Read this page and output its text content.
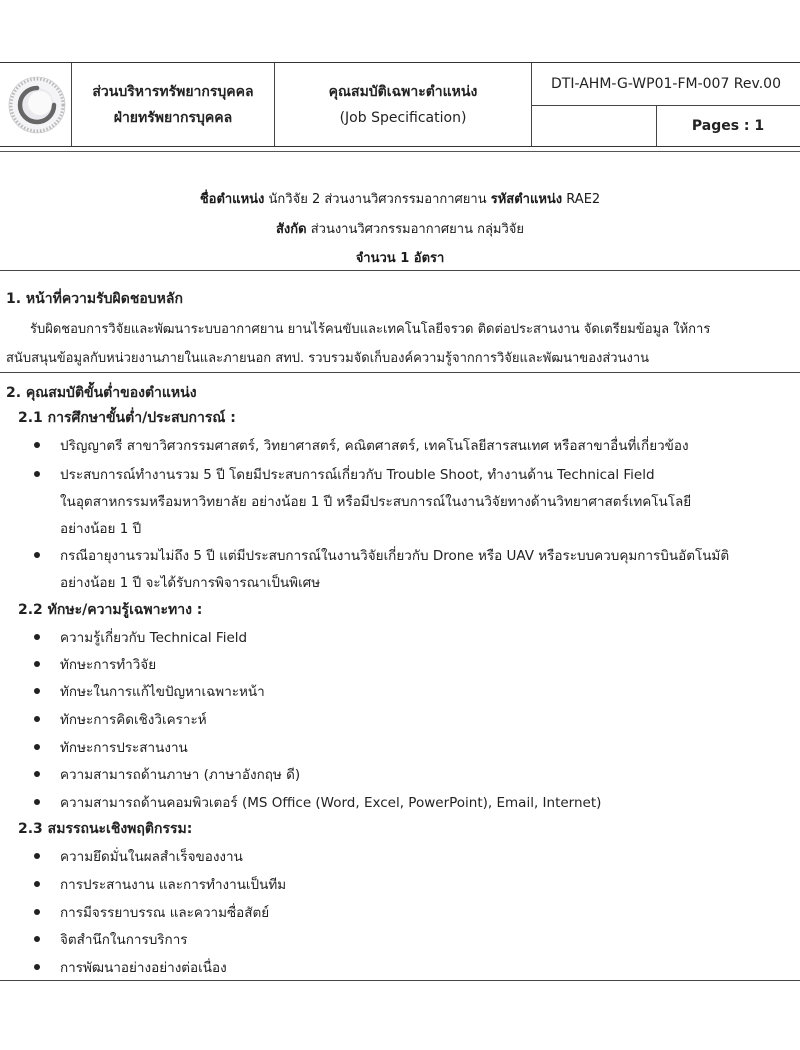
ส่วนบริหารทรัพยากรบุคคล
ฝ่ายทรัพยากรบุคคล
คุณสมบัติเฉพาะตำแหน่ง
(Job Specification)
DTI-AHM-G-WP01-FM-007 Rev.00
Pages : 1
ชื่อตำแหน่ง นักวิจัย 2 ส่วนงานวิศวกรรมอากาศยาน รหัสตำแหน่ง RAE2
สังกัด ส่วนงานวิศวกรรมอากาศยาน กลุ่มวิจัย
จำนวน 1 อัตรา
1. หน้าที่ความรับผิดชอบหลัก
รับผิดชอบการวิจัยและพัฒนาระบบอากาศยาน ยานไร้คนขับและเทคโนโลยีจรวด ติดต่อประสานงาน จัดเตรียมข้อมูล ให้การ
สนับสนุนข้อมูลกับหน่วยงานภายในและภายนอก สทป. รวบรวมจัดเก็บองค์ความรู้จากการวิจัยและพัฒนาของส่วนงาน
2. คุณสมบัติขั้นต่ำของตำแหน่ง
2.1 การศึกษาขั้นต่ำ/ประสบการณ์ :
ปริญญาตรี สาขาวิศวกรรมศาสตร์, วิทยาศาสตร์, คณิตศาสตร์, เทคโนโลยีสารสนเทศ หรือสาขาอื่นที่เกี่ยวข้อง
ประสบการณ์ทำงานรวม 5 ปี โดยมีประสบการณ์เกี่ยวกับ Trouble Shoot, ทำงานด้าน Technical Field
ในอุตสาหกรรมหรือมหาวิทยาลัย อย่างน้อย 1 ปี หรือมีประสบการณ์ในงานวิจัยทางด้านวิทยาศาสตร์เทคโนโลยี
อย่างน้อย 1 ปี
กรณีอายุงานรวมไม่ถึง 5 ปี แต่มีประสบการณ์ในงานวิจัยเกี่ยวกับ Drone หรือ UAV หรือระบบควบคุมการบินอัตโนมัติ
อย่างน้อย 1 ปี จะได้รับการพิจารณาเป็นพิเศษ
2.2 ทักษะ/ความรู้เฉพาะทาง :
ความรู้เกี่ยวกับ Technical Field
ทักษะการทำวิจัย
ทักษะในการแก้ไขปัญหาเฉพาะหน้า
ทักษะการคิดเชิงวิเคราะห์
ทักษะการประสานงาน
ความสามารถด้านภาษา (ภาษาอังกฤษ ดี)
ความสามารถด้านคอมพิวเตอร์ (MS Office (Word, Excel, PowerPoint), Email, Internet)
2.3 สมรรถนะเชิงพฤติกรรม:
ความยึดมั่นในผลสำเร็จของงาน
การประสานงาน และการทำงานเป็นทีม
การมีจรรยาบรรณ และความซื่อสัตย์
จิตสำนึกในการบริการ
การพัฒนาอย่างอย่างต่อเนื่อง
